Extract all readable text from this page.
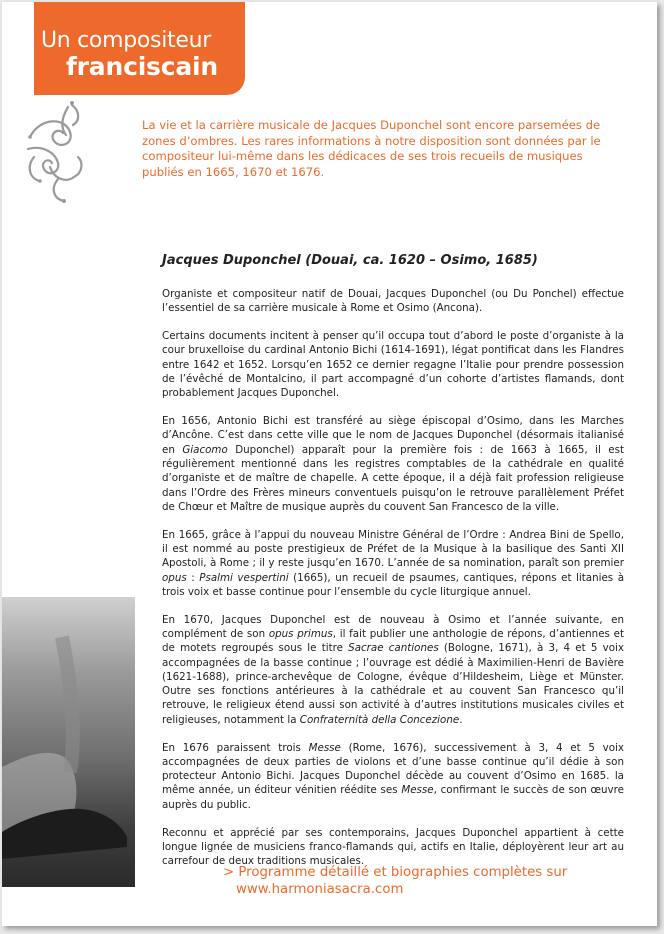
Un compositeur
franciscain

La vie et la carrière musicale de Jacques Duponchel sont encore parsemées de zones d’ombres. Les rares informations à notre disposition sont données par le compositeur lui-même dans les dédicaces de ses trois recueils de musiques publiés en 1665, 1670 et 1676.

Jacques Duponchel (Douai, ca. 1620 – Osimo, 1685)

Organiste et compositeur natif de Douai, Jacques Duponchel (ou Du Ponchel) effectue l’essentiel de sa carrière musicale à Rome et Osimo (Ancona).

Certains documents incitent à penser qu’il occupa tout d’abord le poste d’organiste à la cour bruxelloise du cardinal Antonio Bichi (1614-1691), légat pontificat dans les Flandres entre 1642 et 1652. Lorsqu’en 1652 ce dernier regagne l’Italie pour prendre possession de l’évêché de Montalcino, il part accompagné d’un cohorte d’artistes flamands, dont probablement Jacques Duponchel.

En 1656, Antonio Bichi est transféré au siège épiscopal d’Osimo, dans les Marches d’Ancône. C’est dans cette ville que le nom de Jacques Duponchel (désormais italianisé en Giacomo Duponchel) apparaît pour la première fois : de 1663 à 1665, il est régulièrement mentionné dans les registres comptables de la cathédrale en qualité d’organiste et de maître de chapelle. A cette époque, il a déjà fait profession religieuse dans l’Ordre des Frères mineurs conventuels puisqu’on le retrouve parallèlement Préfet de Chœur et Maître de musique auprès du couvent San Francesco de la ville.

En 1665, grâce à l’appui du nouveau Ministre Général de l’Ordre : Andrea Bini de Spello, il est nommé au poste prestigieux de Préfet de la Musique à la basilique des Santi XII Apostoli, à Rome ; il y reste jusqu’en 1670. L’année de sa nomination, paraît son premier opus : Psalmi vespertini (1665), un recueil de psaumes, cantiques, répons et litanies à trois voix et basse continue pour l’ensemble du cycle liturgique annuel.

En 1670, Jacques Duponchel est de nouveau à Osimo et l’année suivante, en complément de son opus primus, il fait publier une anthologie de répons, d’antiennes et de motets regroupés sous le titre Sacrae cantiones (Bologne, 1671), à 3, 4 et 5 voix accompagnées de la basse continue ; l’ouvrage est dédié à Maximilien-Henri de Bavière (1621-1688), prince-archevêque de Cologne, évêque d’Hildesheim, Liège et Münster. Outre ses fonctions antérieures à la cathédrale et au couvent San Francesco qu’il retrouve, le religieux étend aussi son activité à d’autres institutions musicales civiles et religieuses, notamment la Confraternità della Concezione.

En 1676 paraissent trois Messe (Rome, 1676), successivement à 3, 4 et 5 voix accompagnées de deux parties de violons et d’une basse continue qu’il dédie à son protecteur Antonio Bichi. Jacques Duponchel décède au couvent d’Osimo en 1685. la même année, un éditeur vénitien réédite ses Messe, confirmant le succès de son œuvre auprès du public.

Reconnu et apprécié par ses contemporains, Jacques Duponchel appartient à cette longue lignée de musiciens franco-flamands qui, actifs en Italie, déployèrent leur art au carrefour de deux traditions musicales.

> Programme détaillé et biographies complètes sur
www.harmoniasacra.com
